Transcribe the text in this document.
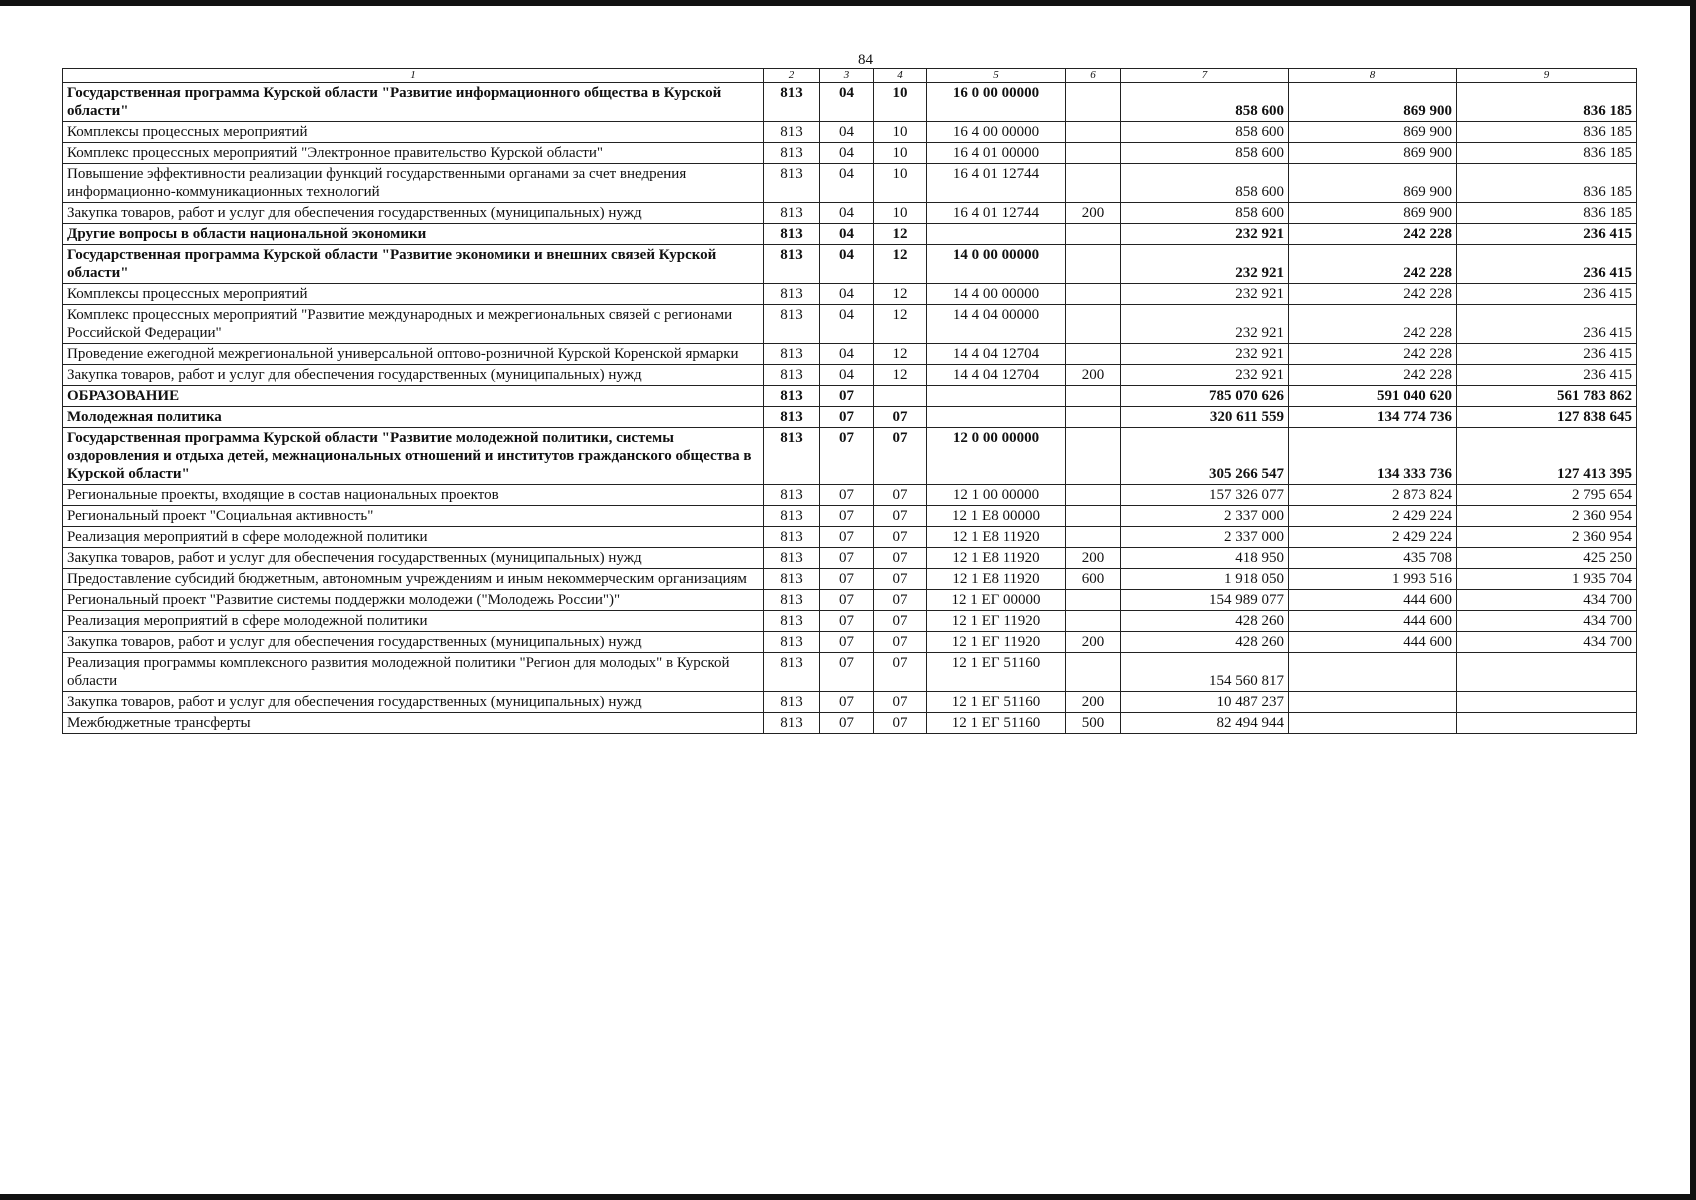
84
1	2	3	4	5	6	7	8	9
Государственная программа Курской области "Развитие информационного общества в Курской области"	813	04	10	16 0 00 00000		858 600	869 900	836 185
Комплексы процессных мероприятий	813	04	10	16 4 00 00000		858 600	869 900	836 185
Комплекс процессных мероприятий "Электронное правительство Курской области"	813	04	10	16 4 01 00000		858 600	869 900	836 185
Повышение эффективности реализации функций государственными органами за счет внедрения информационно-коммуникационных технологий	813	04	10	16 4 01 12744		858 600	869 900	836 185
Закупка товаров, работ и услуг для обеспечения государственных (муниципальных) нужд	813	04	10	16 4 01 12744	200	858 600	869 900	836 185
Другие вопросы в области национальной экономики	813	04	12			232 921	242 228	236 415
Государственная программа Курской области "Развитие экономики и внешних связей Курской области"	813	04	12	14 0 00 00000		232 921	242 228	236 415
Комплексы процессных мероприятий	813	04	12	14 4 00 00000		232 921	242 228	236 415
Комплекс процессных мероприятий "Развитие международных и межрегиональных связей с регионами Российской Федерации"	813	04	12	14 4 04 00000		232 921	242 228	236 415
Проведение ежегодной межрегиональной универсальной оптово-розничной Курской Коренской ярмарки	813	04	12	14 4 04 12704		232 921	242 228	236 415
Закупка товаров, работ и услуг для обеспечения государственных (муниципальных) нужд	813	04	12	14 4 04 12704	200	232 921	242 228	236 415
ОБРАЗОВАНИЕ	813	07				785 070 626	591 040 620	561 783 862
Молодежная политика	813	07	07			320 611 559	134 774 736	127 838 645
Государственная программа Курской области "Развитие молодежной политики, системы оздоровления и отдыха детей, межнациональных отношений и институтов гражданского общества в Курской области"	813	07	07	12 0 00 00000		305 266 547	134 333 736	127 413 395
Региональные проекты, входящие в состав национальных проектов	813	07	07	12 1 00 00000		157 326 077	2 873 824	2 795 654
Региональный проект "Социальная активность"	813	07	07	12 1 E8 00000		2 337 000	2 429 224	2 360 954
Реализация мероприятий в сфере молодежной политики	813	07	07	12 1 E8 11920		2 337 000	2 429 224	2 360 954
Закупка товаров, работ и услуг для обеспечения государственных (муниципальных) нужд	813	07	07	12 1 E8 11920	200	418 950	435 708	425 250
Предоставление субсидий бюджетным, автономным учреждениям и иным некоммерческим организациям	813	07	07	12 1 E8 11920	600	1 918 050	1 993 516	1 935 704
Региональный проект "Развитие системы поддержки молодежи ("Молодежь России")"	813	07	07	12 1 ЕГ 00000		154 989 077	444 600	434 700
Реализация мероприятий в сфере молодежной политики	813	07	07	12 1 ЕГ 11920		428 260	444 600	434 700
Закупка товаров, работ и услуг для обеспечения государственных (муниципальных) нужд	813	07	07	12 1 ЕГ 11920	200	428 260	444 600	434 700
Реализация программы комплексного развития молодежной политики "Регион для молодых" в Курской области	813	07	07	12 1 ЕГ 51160		154 560 817		
Закупка товаров, работ и услуг для обеспечения государственных (муниципальных) нужд	813	07	07	12 1 ЕГ 51160	200	10 487 237		
Межбюджетные трансферты	813	07	07	12 1 ЕГ 51160	500	82 494 944		
